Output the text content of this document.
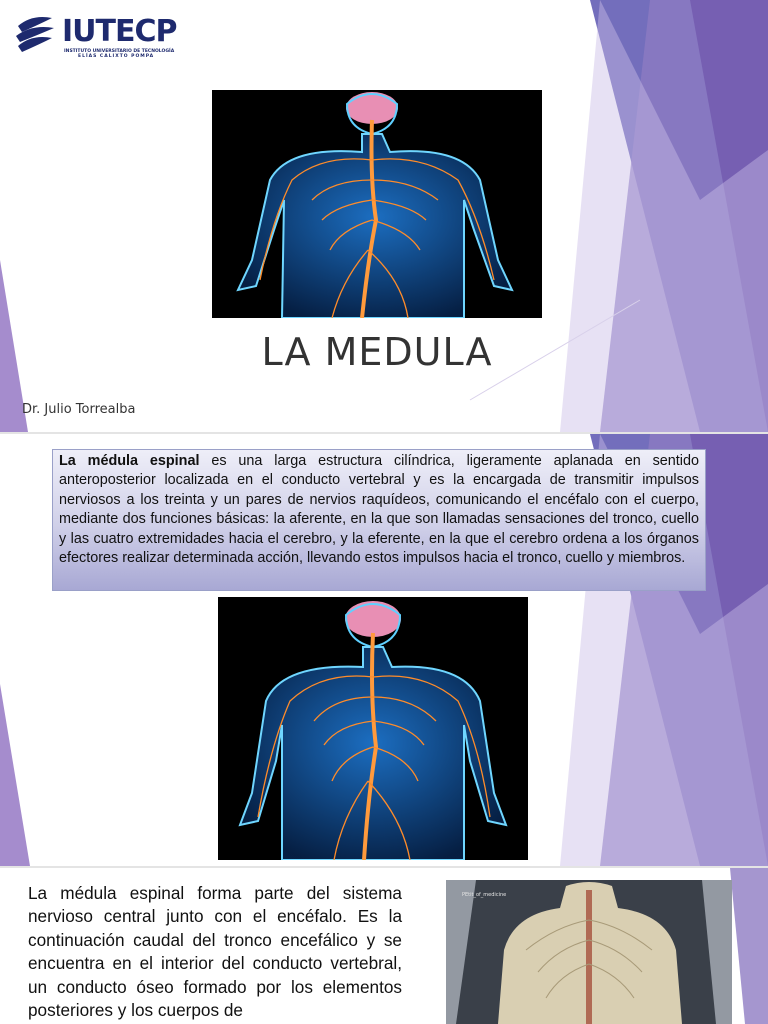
IUTECP
INSTITUTO UNIVERSITARIO DE TECNOLOGÍA
ELÍAS CALIXTO POMPA
LA MEDULA
Dr. Julio Torrealba
La médula espinal es una larga estructura cilíndrica, ligeramente aplanada en sentido anteroposterior localizada en el conducto vertebral y es la encargada de transmitir impulsos nerviosos a los treinta y un pares de nervios raquídeos, comunicando el encéfalo con el cuerpo, mediante dos funciones básicas: la aferente, en la que son llamadas sensaciones del tronco, cuello y las cuatro extremidades hacia el cerebro, y la eferente, en la que el cerebro ordena a los órganos efectores realizar determinada acción, llevando estos impulsos hacia el tronco, cuello y miembros.
La médula espinal forma parte del sistema nervioso central junto con el encéfalo. Es la continuación caudal del tronco encefálico y se encuentra en el interior del conducto vertebral, un conducto óseo formado por los elementos posteriores y los cuerpos de
PEtit_of_medicine
